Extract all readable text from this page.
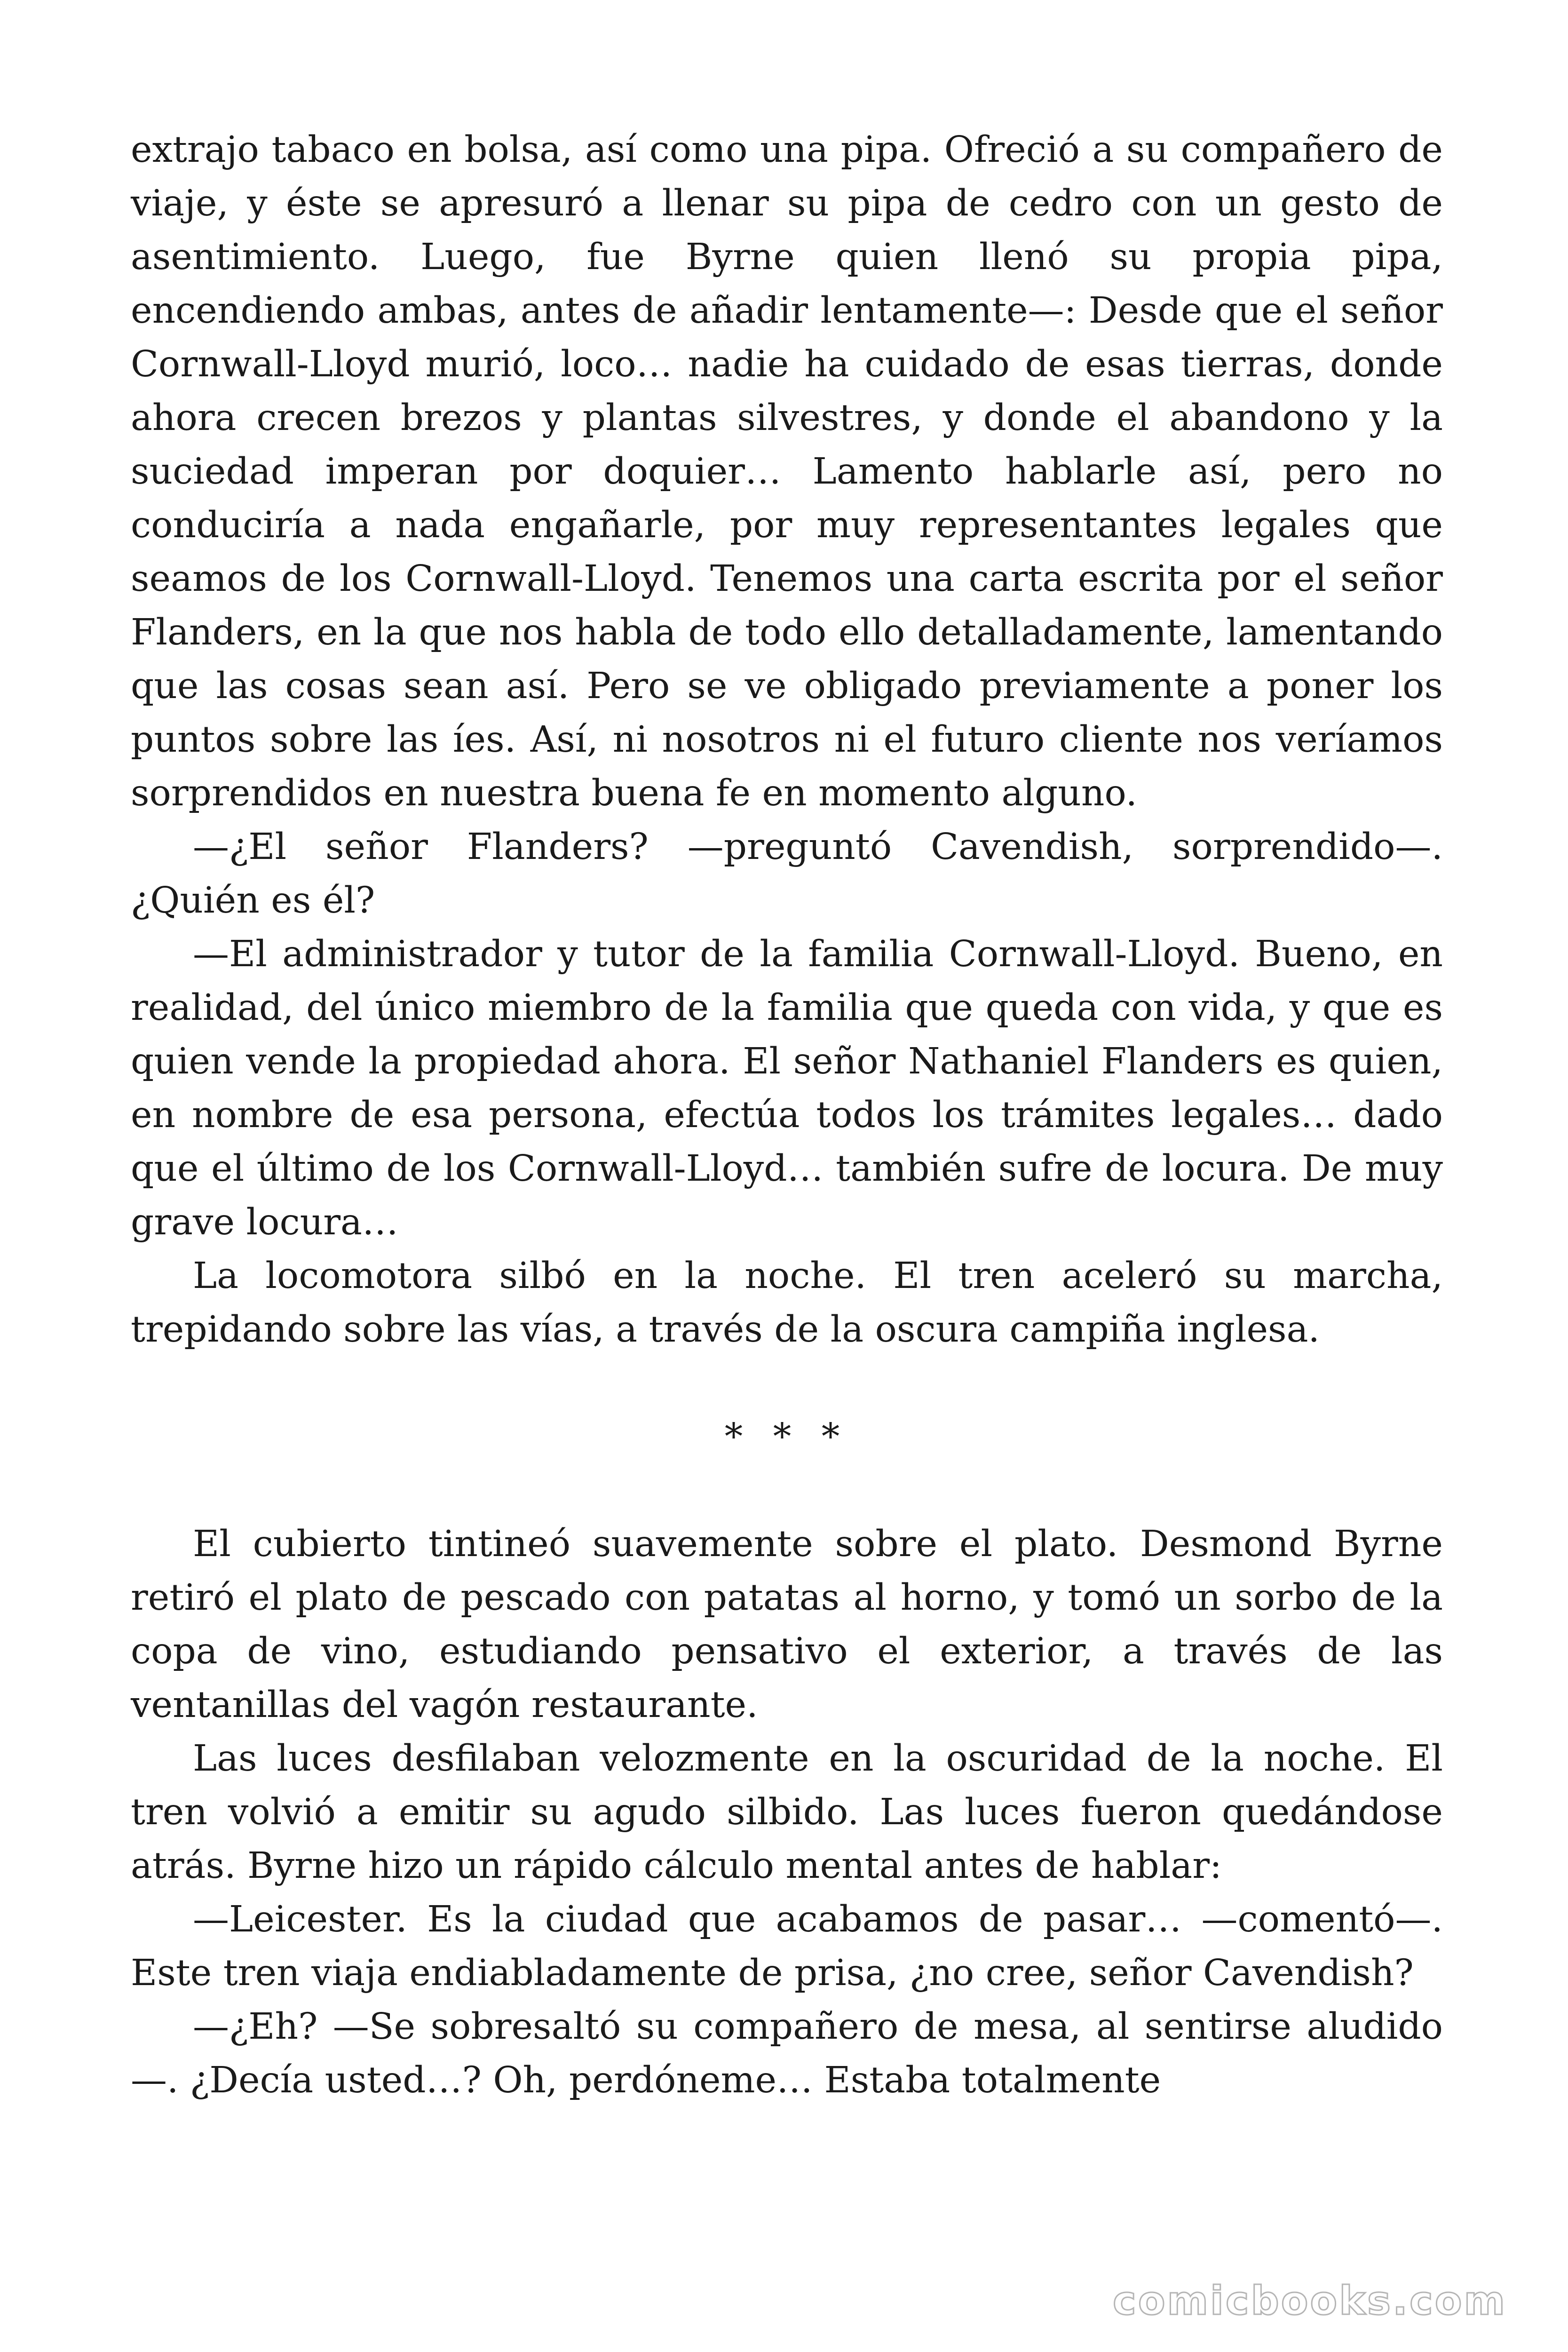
extrajo tabaco en bolsa, así como una pipa. Ofreció a su compañero de viaje, y éste se apresuró a llenar su pipa de cedro con un gesto de asentimiento. Luego, fue Byrne quien llenó su propia pipa, encendiendo ambas, antes de añadir lentamente—: Desde que el señor Cornwall-Lloyd murió, loco… nadie ha cuidado de esas tierras, donde ahora crecen brezos y plantas silvestres, y donde el abandono y la suciedad imperan por doquier… Lamento hablarle así, pero no conduciría a nada engañarle, por muy representantes legales que seamos de los Cornwall-Lloyd. Tenemos una carta escrita por el señor Flanders, en la que nos habla de todo ello detalladamente, lamentando que las cosas sean así. Pero se ve obligado previamente a poner los puntos sobre las íes. Así, ni nosotros ni el futuro cliente nos veríamos sorprendidos en nuestra buena fe en momento alguno.

—¿El señor Flanders? —preguntó Cavendish, sorprendido—. ¿Quién es él?

—El administrador y tutor de la familia Cornwall-Lloyd. Bueno, en realidad, del único miembro de la familia que queda con vida, y que es quien vende la propiedad ahora. El señor Nathaniel Flanders es quien, en nombre de esa persona, efectúa todos los trámites legales… dado que el último de los Cornwall-Lloyd… también sufre de locura. De muy grave locura…

La locomotora silbó en la noche. El tren aceleró su marcha, trepidando sobre las vías, a través de la oscura campiña inglesa.

* * *

El cubierto tintineó suavemente sobre el plato. Desmond Byrne retiró el plato de pescado con patatas al horno, y tomó un sorbo de la copa de vino, estudiando pensativo el exterior, a través de las ventanillas del vagón restaurante.

Las luces desfilaban velozmente en la oscuridad de la noche. El tren volvió a emitir su agudo silbido. Las luces fueron quedándose atrás. Byrne hizo un rápido cálculo mental antes de hablar:

—Leicester. Es la ciudad que acabamos de pasar… —comentó—. Este tren viaja endiabladamente de prisa, ¿no cree, señor Cavendish?

—¿Eh? —Se sobresaltó su compañero de mesa, al sentirse aludido—. ¿Decía usted…? Oh, perdóneme… Estaba totalmente

comicbooks.com
